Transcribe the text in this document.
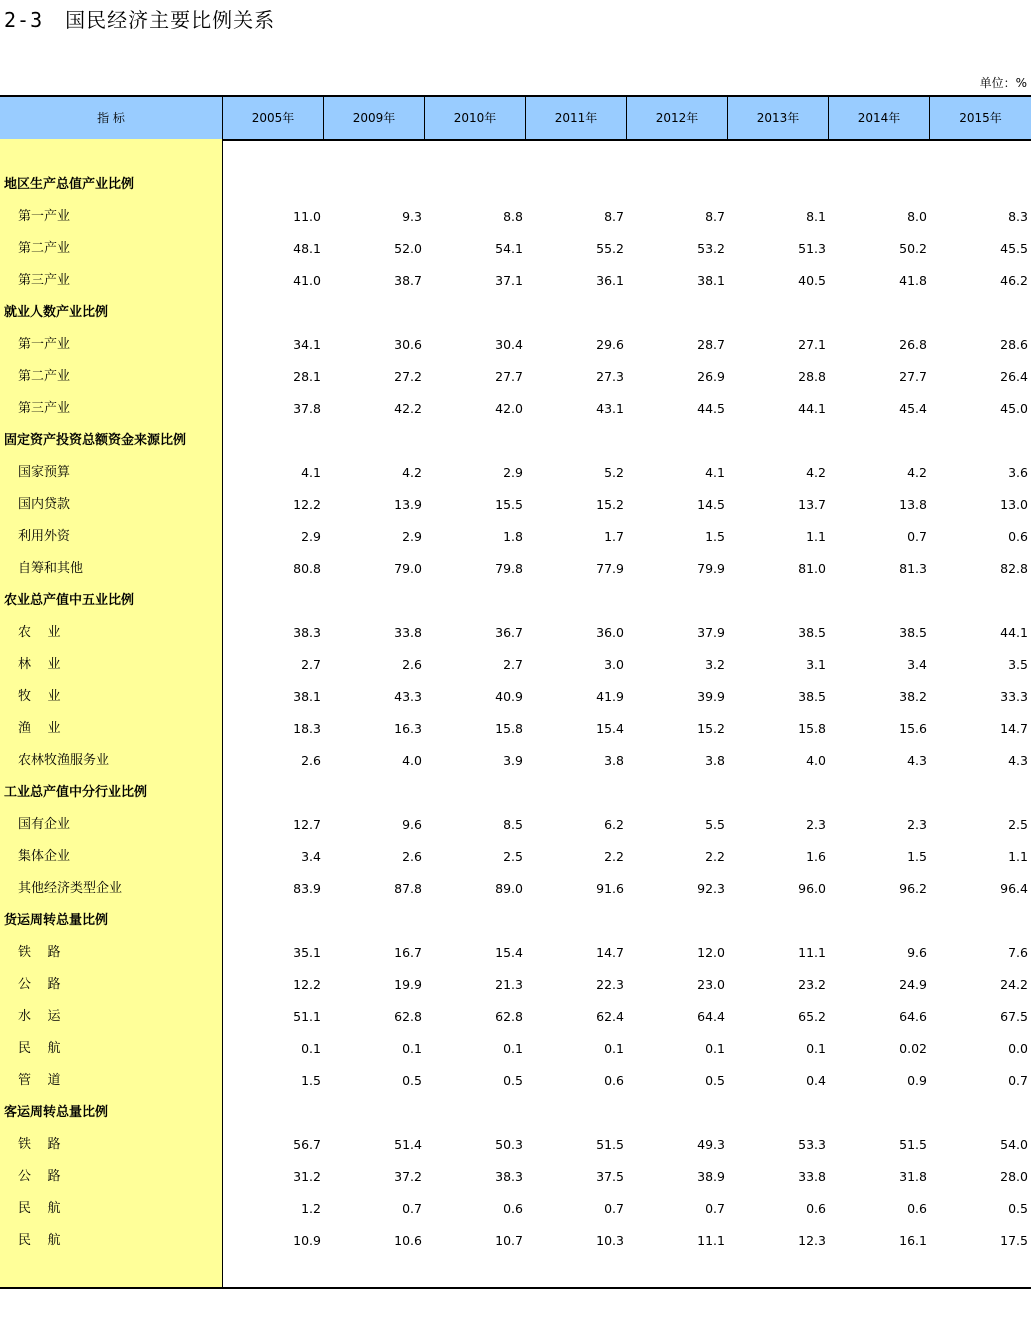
2-3 国民经济主要比例关系
单位：%
指 标	2005年	2009年	2010年	2011年	2012年	2013年	2014年	2015年
地区生产总值产业比例
第一产业	11.0	9.3	8.8	8.7	8.7	8.1	8.0	8.3
第二产业	48.1	52.0	54.1	55.2	53.2	51.3	50.2	45.5
第三产业	41.0	38.7	37.1	36.1	38.1	40.5	41.8	46.2
就业人数产业比例
第一产业	34.1	30.6	30.4	29.6	28.7	27.1	26.8	28.6
第二产业	28.1	27.2	27.7	27.3	26.9	28.8	27.7	26.4
第三产业	37.8	42.2	42.0	43.1	44.5	44.1	45.4	45.0
固定资产投资总额资金来源比例
国家预算	4.1	4.2	2.9	5.2	4.1	4.2	4.2	3.6
国内贷款	12.2	13.9	15.5	15.2	14.5	13.7	13.8	13.0
利用外资	2.9	2.9	1.8	1.7	1.5	1.1	0.7	0.6
自筹和其他	80.8	79.0	79.8	77.9	79.9	81.0	81.3	82.8
农业总产值中五业比例
农    业	38.3	33.8	36.7	36.0	37.9	38.5	38.5	44.1
林    业	2.7	2.6	2.7	3.0	3.2	3.1	3.4	3.5
牧    业	38.1	43.3	40.9	41.9	39.9	38.5	38.2	33.3
渔    业	18.3	16.3	15.8	15.4	15.2	15.8	15.6	14.7
农林牧渔服务业	2.6	4.0	3.9	3.8	3.8	4.0	4.3	4.3
工业总产值中分行业比例
国有企业	12.7	9.6	8.5	6.2	5.5	2.3	2.3	2.5
集体企业	3.4	2.6	2.5	2.2	2.2	1.6	1.5	1.1
其他经济类型企业	83.9	87.8	89.0	91.6	92.3	96.0	96.2	96.4
货运周转总量比例
铁    路	35.1	16.7	15.4	14.7	12.0	11.1	9.6	7.6
公    路	12.2	19.9	21.3	22.3	23.0	23.2	24.9	24.2
水    运	51.1	62.8	62.8	62.4	64.4	65.2	64.6	67.5
民    航	0.1	0.1	0.1	0.1	0.1	0.1	0.02	0.0
管    道	1.5	0.5	0.5	0.6	0.5	0.4	0.9	0.7
客运周转总量比例
铁    路	56.7	51.4	50.3	51.5	49.3	53.3	51.5	54.0
公    路	31.2	37.2	38.3	37.5	38.9	33.8	31.8	28.0
民    航	1.2	0.7	0.6	0.7	0.7	0.6	0.6	0.5
民    航	10.9	10.6	10.7	10.3	11.1	12.3	16.1	17.5
